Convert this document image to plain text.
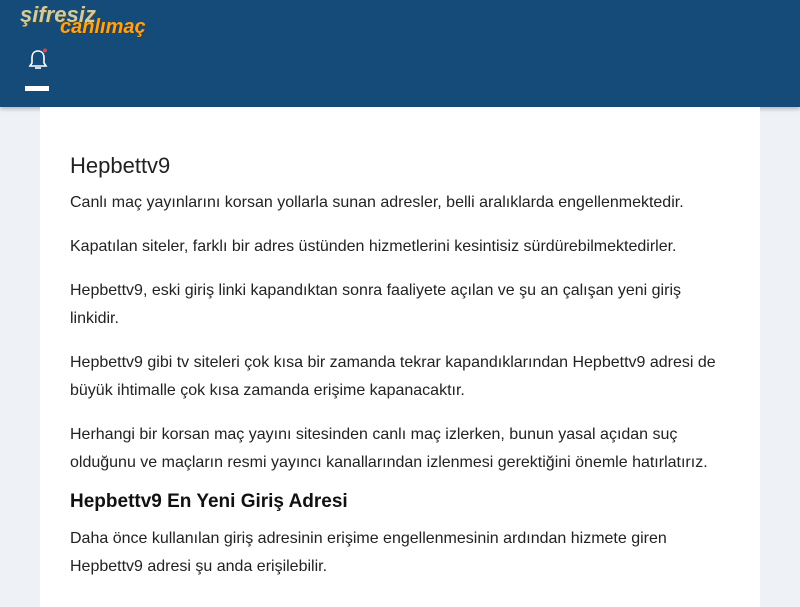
şifresiz
canlımaç
Hepbettv9

Canlı maç yayınlarını korsan yollarla sunan adresler, belli aralıklarda engellenmektedir.

Kapatılan siteler, farklı bir adres üstünden hizmetlerini kesintisiz sürdürebilmektedirler.

Hepbettv9, eski giriş linki kapandıktan sonra faaliyete açılan ve şu an çalışan yeni giriş linkidir.

Hepbettv9 gibi tv siteleri çok kısa bir zamanda tekrar kapandıklarından Hepbettv9 adresi de büyük ihtimalle çok kısa zamanda erişime kapanacaktır.

Herhangi bir korsan maç yayını sitesinden canlı maç izlerken, bunun yasal açıdan suç olduğunu ve maçların resmi yayıncı kanallarından izlenmesi gerektiğini önemle hatırlatırız.

Hepbettv9 En Yeni Giriş Adresi

Daha önce kullanılan giriş adresinin erişime engellenmesinin ardından hizmete giren Hepbettv9 adresi şu anda erişilebilir.
